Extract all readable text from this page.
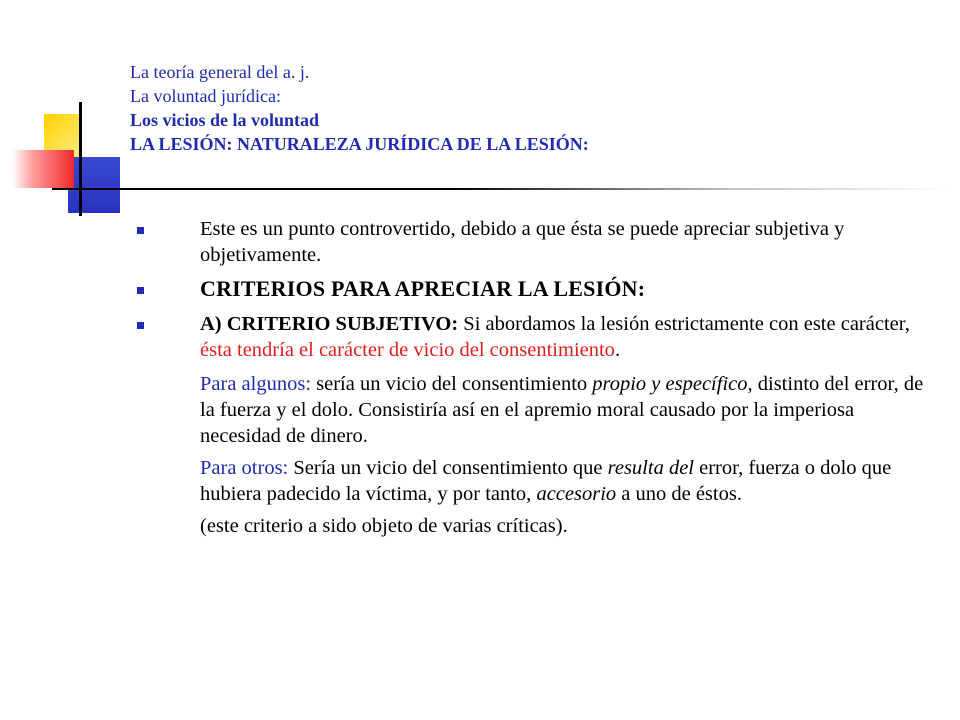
La teoría general del a. j.
La voluntad jurídica:
Los vicios de la voluntad
LA LESIÓN: NATURALEZA JURÍDICA DE LA LESIÓN:
Este es un punto controvertido, debido a que ésta se puede apreciar subjetiva y objetivamente.
CRITERIOS PARA APRECIAR LA LESIÓN:
A) CRITERIO SUBJETIVO: Si abordamos la lesión estrictamente con este carácter, ésta tendría el carácter de vicio del consentimiento.
Para algunos: sería un vicio del consentimiento propio y específico, distinto del error, de la fuerza y el dolo. Consistiría así en el apremio moral causado por la imperiosa necesidad de dinero.
Para otros: Sería un vicio del consentimiento que resulta del error, fuerza o dolo que hubiera padecido la víctima, y por tanto, accesorio a uno de éstos.
(este criterio a sido objeto de varias críticas).
